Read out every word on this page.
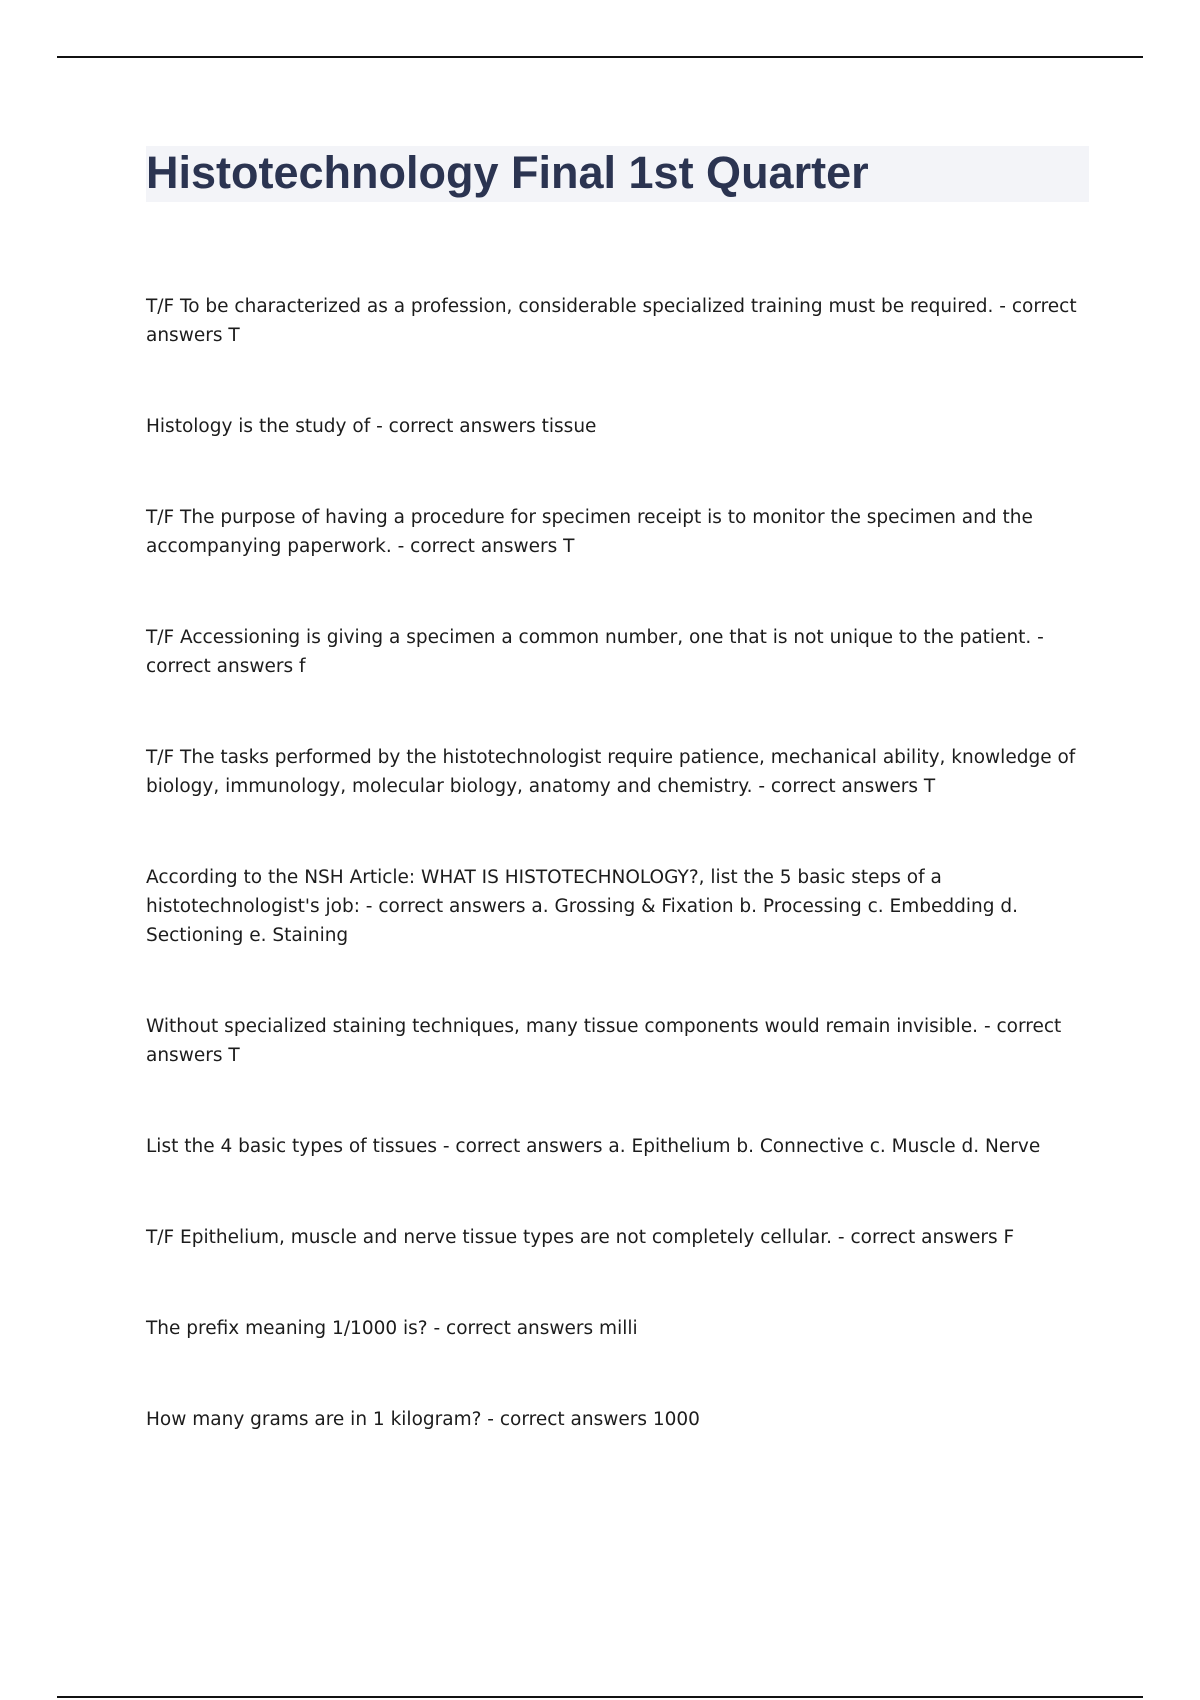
Histotechnology Final 1st Quarter

T/F To be characterized as a profession, considerable specialized training must be required. - correct answers T

Histology is the study of - correct answers tissue

T/F The purpose of having a procedure for specimen receipt is to monitor the specimen and the accompanying paperwork. - correct answers T

T/F Accessioning is giving a specimen a common number, one that is not unique to the patient. - correct answers f

T/F The tasks performed by the histotechnologist require patience, mechanical ability, knowledge of biology, immunology, molecular biology, anatomy and chemistry. - correct answers T

According to the NSH Article: WHAT IS HISTOTECHNOLOGY?, list the 5 basic steps of a histotechnologist's job: - correct answers a. Grossing & Fixation b. Processing c. Embedding d. Sectioning e. Staining

Without specialized staining techniques, many tissue components would remain invisible. - correct answers T

List the 4 basic types of tissues - correct answers a. Epithelium b. Connective c. Muscle d. Nerve

T/F Epithelium, muscle and nerve tissue types are not completely cellular. - correct answers F

The prefix meaning 1/1000 is? - correct answers milli

How many grams are in 1 kilogram? - correct answers 1000
